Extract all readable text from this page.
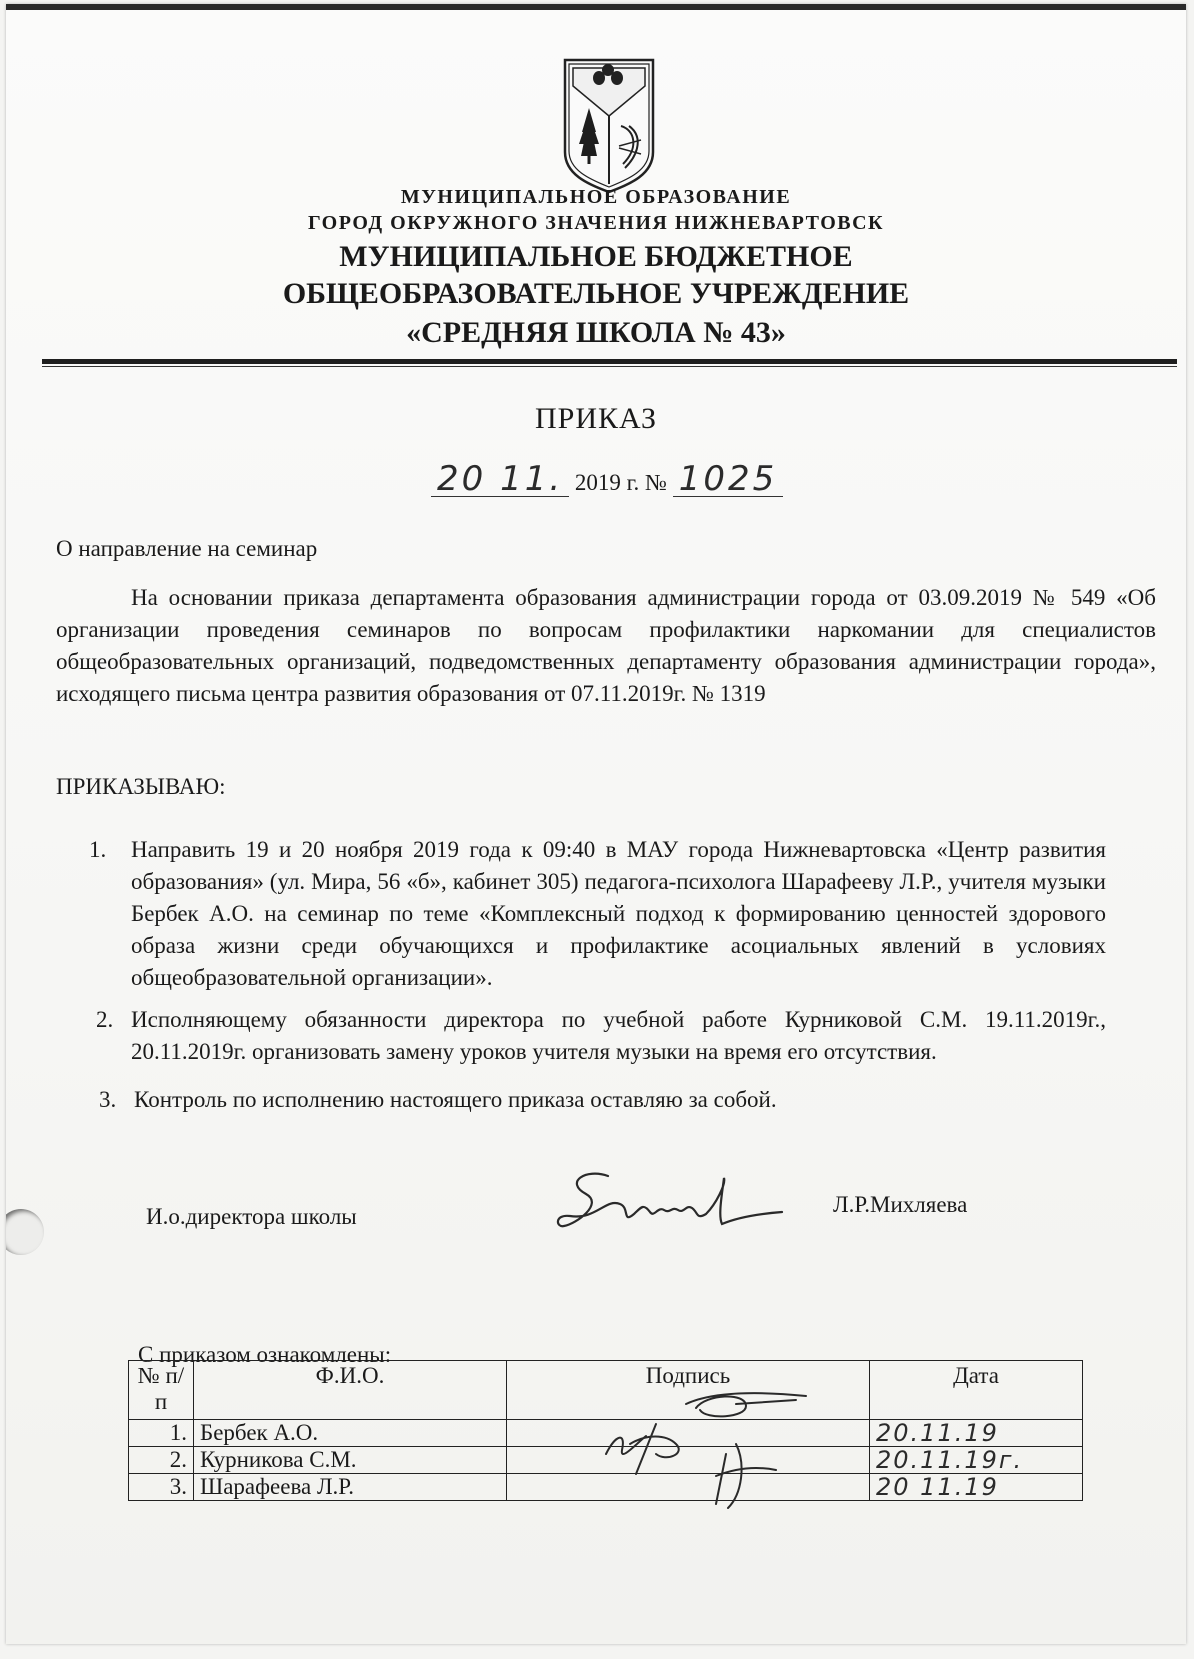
МУНИЦИПАЛЬНОЕ ОБРАЗОВАНИЕ
ГОРОД ОКРУЖНОГО ЗНАЧЕНИЯ НИЖНЕВАРТОВСК
МУНИЦИПАЛЬНОЕ БЮДЖЕТНОЕ
ОБЩЕОБРАЗОВАТЕЛЬНОЕ УЧРЕЖДЕНИЕ
«СРЕДНЯЯ ШКОЛА № 43»
ПРИКАЗ
20 11. 2019 г. № 1025
О направление на семинар
На основании приказа департамента образования администрации города от 03.09.2019 № 549 «Об организации проведения семинаров по вопросам профилактики наркомании для специалистов общеобразовательных организаций, подведомственных департаменту образования администрации города», исходящего письма центра развития образования от 07.11.2019г. № 1319
ПРИКАЗЫВАЮ:
1. Направить 19 и 20 ноября 2019 года к 09:40 в МАУ города Нижневартовска «Центр развития образования» (ул. Мира, 56 «б», кабинет 305) педагога-психолога Шарафееву Л.Р., учителя музыки Бербек А.О. на семинар по теме «Комплексный подход к формированию ценностей здорового образа жизни среди обучающихся и профилактике асоциальных явлений в условиях общеобразовательной организации».
2. Исполняющему обязанности директора по учебной работе Курниковой С.М. 19.11.2019г., 20.11.2019г. организовать замену уроков учителя музыки на время его отсутствия.
3. Контроль по исполнению настоящего приказа оставляю за собой.
И.о.директора школы	Л.Р.Михляева
С приказом ознакомлены:
№ п/п	Ф.И.О.	Подпись	Дата
1.	Бербек А.О.		20.11.19
2.	Курникова С.М.		20.11.19г.
3.	Шарафеева Л.Р.		20 11.19
